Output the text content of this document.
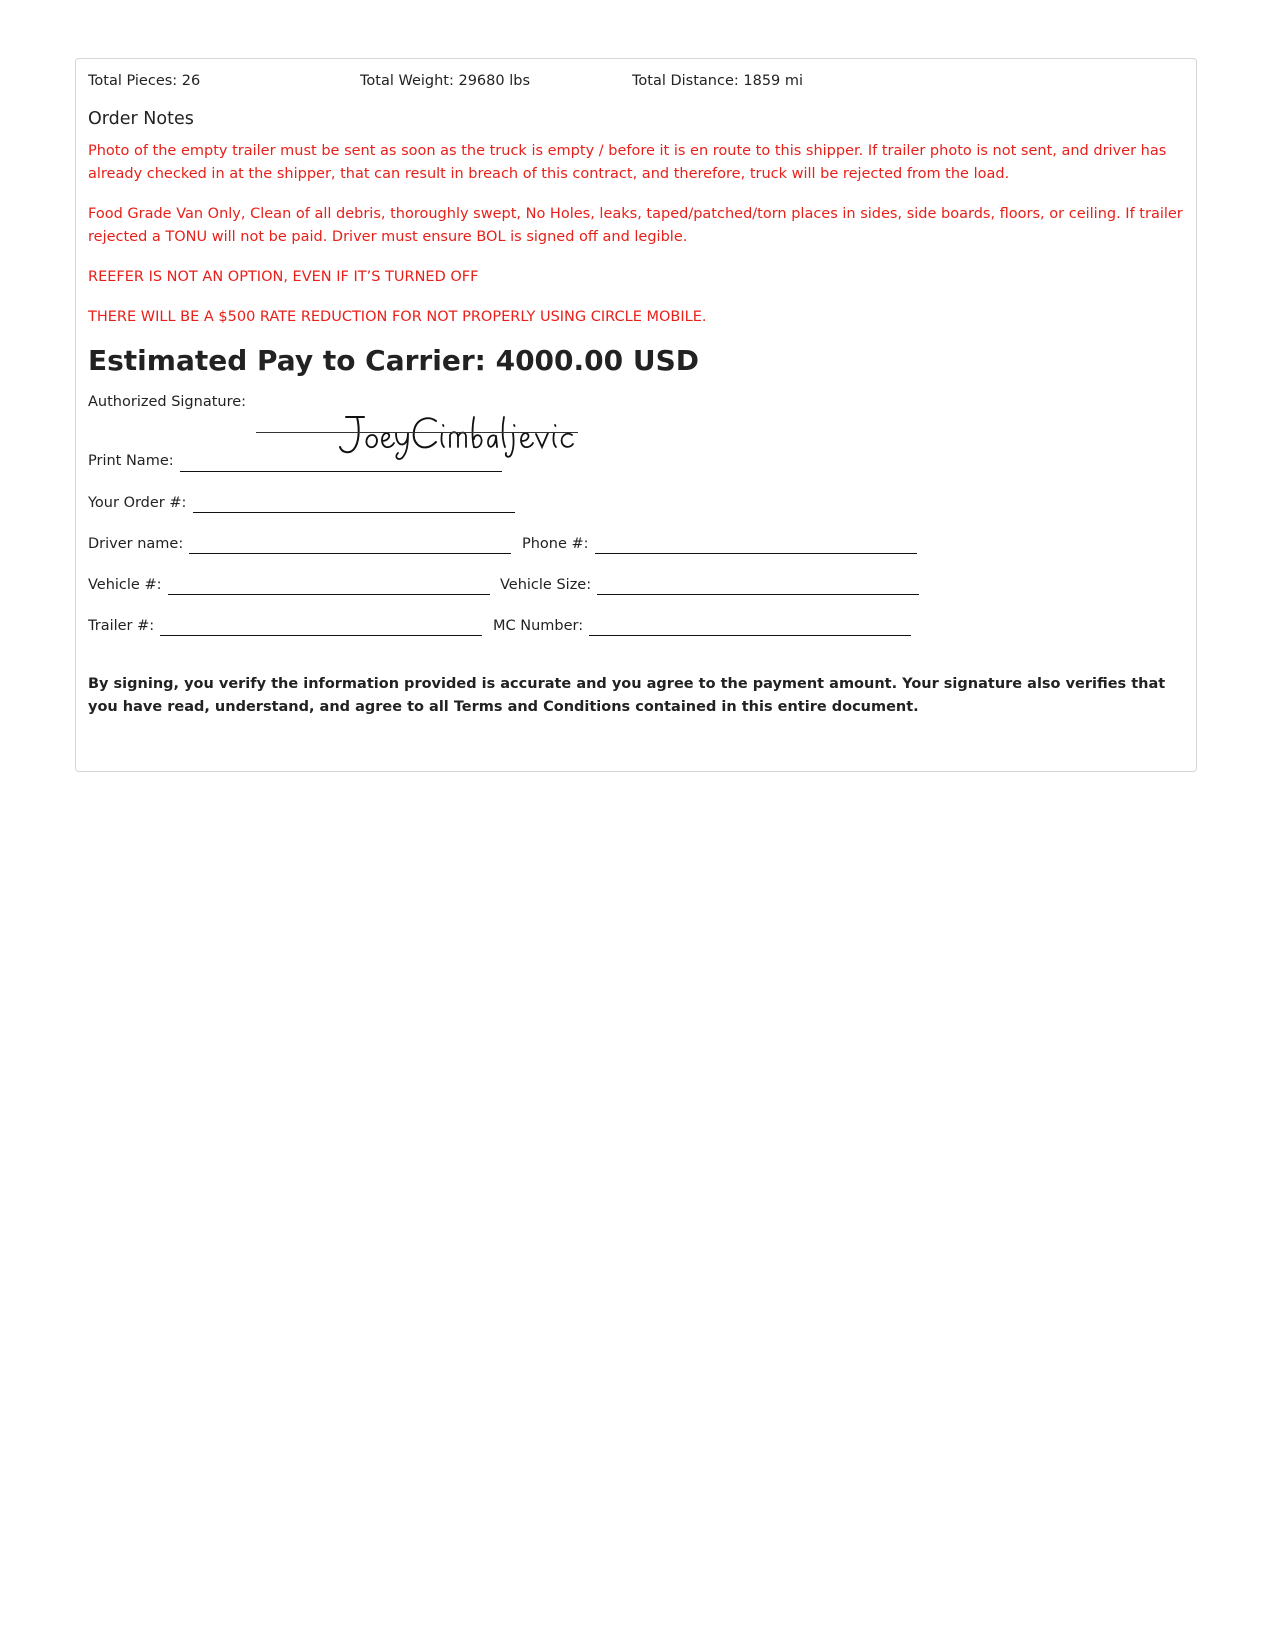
Total Pieces: 26	Total Weight: 29680 lbs	Total Distance: 1859 mi
Order Notes
Photo of the empty trailer must be sent as soon as the truck is empty / before it is en route to this shipper. If trailer photo is not sent, and driver has already checked in at the shipper, that can result in breach of this contract, and therefore, truck will be rejected from the load.
Food Grade Van Only, Clean of all debris, thoroughly swept, No Holes, leaks, taped/patched/torn places in sides, side boards, floors, or ceiling. If trailer rejected a TONU will not be paid. Driver must ensure BOL is signed off and legible.
REEFER IS NOT AN OPTION, EVEN IF IT’S TURNED OFF
THERE WILL BE A $500 RATE REDUCTION FOR NOT PROPERLY USING CIRCLE MOBILE.
Estimated Pay to Carrier: 4000.00 USD
Authorized Signature:
Print Name:
Your Order #:
Driver name:	Phone #:
Vehicle #:	Vehicle Size:
Trailer #:	MC Number:
By signing, you verify the information provided is accurate and you agree to the payment amount. Your signature also verifies that you have read, understand, and agree to all Terms and Conditions contained in this entire document.
